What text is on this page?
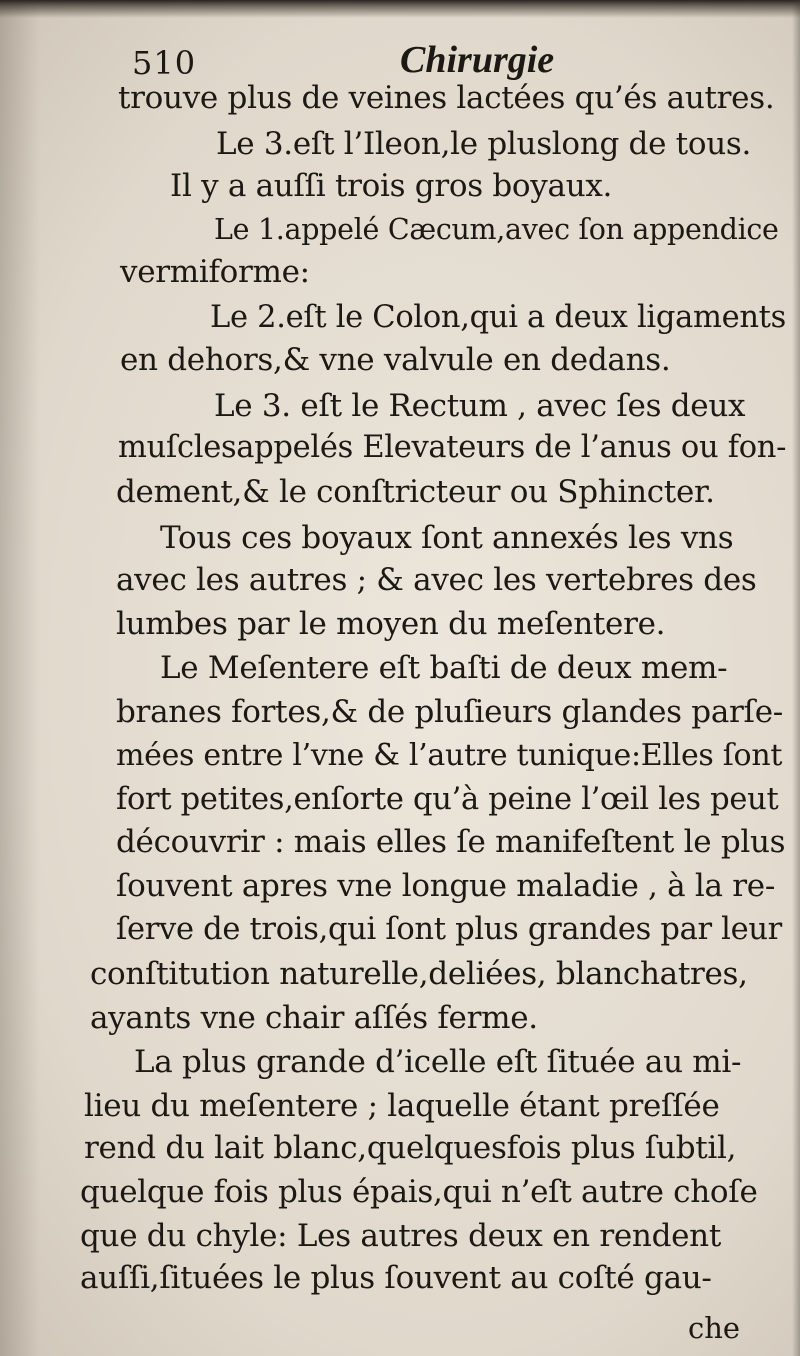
510	Chirurgie
trouve plus de veines lactées qu’és autres.
Le 3.eſt l’Ileon,le pluslong de tous.
Il y a auſſi trois gros boyaux.
Le 1.appelé Cæcum,avec ſon appendice
vermiforme:
Le 2.eſt le Colon,qui a deux ligaments
en dehors,& vne valvule en dedans.
Le 3. eſt le Rectum , avec ſes deux
muſclesappelés Elevateurs de l’anus ou fon-
dement,& le conſtricteur ou Sphincter.
Tous ces boyaux ſont annexés les vns
avec les autres ; & avec les vertebres des
lumbes par le moyen du meſentere.
Le Meſentere eſt baſti de deux mem-
branes fortes,& de pluſieurs glandes parſe-
mées entre l’vne & l’autre tunique:Elles ſont
fort petites,enſorte qu’à peine l’œil les peut
découvrir : mais elles ſe manifeſtent le plus
ſouvent apres vne longue maladie , à la re-
ſerve de trois,qui ſont plus grandes par leur
conſtitution naturelle,deliées, blanchatres,
ayants vne chair aſſés ferme.
La plus grande d’icelle eſt ſituée au mi-
lieu du meſentere ; laquelle étant preſſée
rend du lait blanc,quelquesfois plus ſubtil,
quelque fois plus épais,qui n’eſt autre choſe
que du chyle: Les autres deux en rendent
auſſi,ſituées le plus ſouvent au coſté gau-
che
